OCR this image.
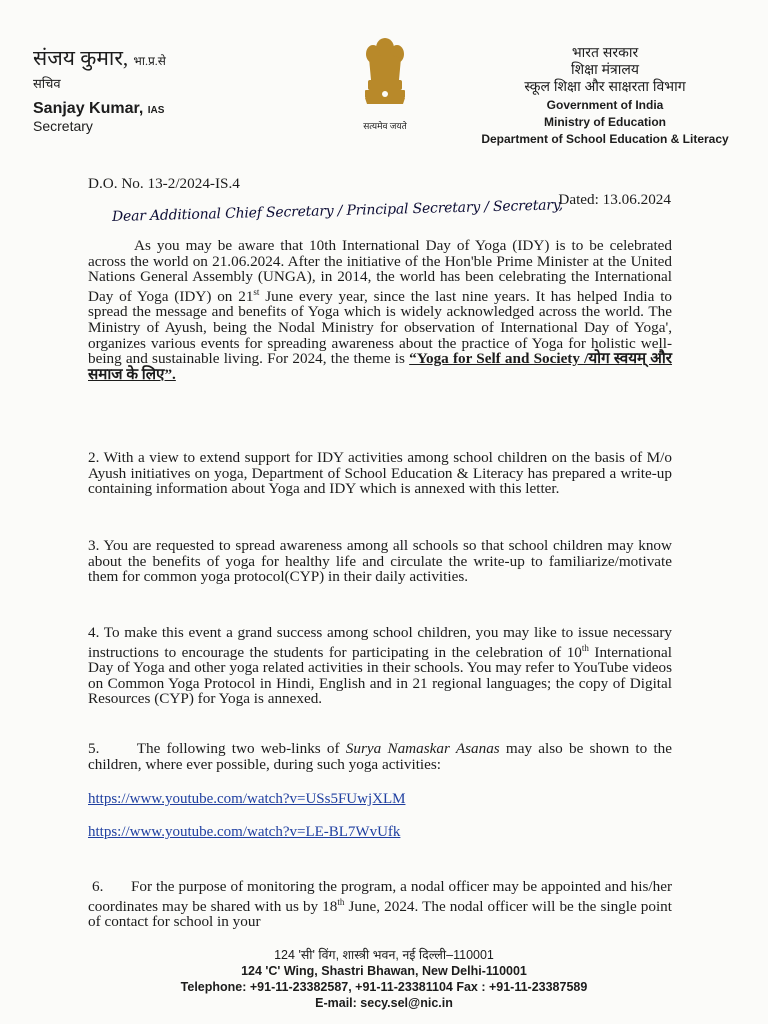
संजय कुमार, भा.प्र.से
सचिव
Sanjay Kumar, IAS
Secretary	सत्यमेव जयते
भारत सरकार
शिक्षा मंत्रालय
स्कूल शिक्षा और साक्षरता विभाग
Government of India
Ministry of Education
Department of School Education & Literacy
D.O. No. 13-2/2024-IS.4
Dated: 13.06.2024
Dear Additional Chief Secretary / Principal Secretary / Secretary,

As you may be aware that 10th International Day of Yoga (IDY) is to be celebrated across the world on 21.06.2024. After the initiative of the Hon'ble Prime Minister at the United Nations General Assembly (UNGA), in 2014, the world has been celebrating the International Day of Yoga (IDY) on 21st June every year, since the last nine years. It has helped India to spread the message and benefits of Yoga which is widely acknowledged across the world. The Ministry of Ayush, being the Nodal Ministry for observation of International Day of Yoga', organizes various events for spreading awareness about the practice of Yoga for holistic well-being and sustainable living. For 2024, the theme is “Yoga for Self and Society /योग स्वयम् और समाज के लिए”.

2. With a view to extend support for IDY activities among school children on the basis of M/o Ayush initiatives on yoga, Department of School Education & Literacy has prepared a write-up containing information about Yoga and IDY which is annexed with this letter.

3. You are requested to spread awareness among all schools so that school children may know about the benefits of yoga for healthy life and circulate the write-up to familiarize/motivate them for common yoga protocol(CYP) in their daily activities.

4. To make this event a grand success among school children, you may like to issue necessary instructions to encourage the students for participating in the celebration of 10th International Day of Yoga and other yoga related activities in their schools. You may refer to YouTube videos on Common Yoga Protocol in Hindi, English and in 21 regional languages; the copy of Digital Resources (CYP) for Yoga is annexed.

5. The following two web-links of Surya Namaskar Asanas may also be shown to the children, where ever possible, during such yoga activities:

https://www.youtube.com/watch?v=USs5FUwjXLM
https://www.youtube.com/watch?v=LE-BL7WvUfk

6. For the purpose of monitoring the program, a nodal officer may be appointed and his/her coordinates may be shared with us by 18th June, 2024. The nodal officer will be the single point of contact for school in your

124 'सी' विंग, शास्त्री भवन, नई दिल्ली–110001
124 'C' Wing, Shastri Bhawan, New Delhi-110001
Telephone: +91-11-23382587, +91-11-23381104 Fax : +91-11-23387589
E-mail: secy.sel@nic.in
